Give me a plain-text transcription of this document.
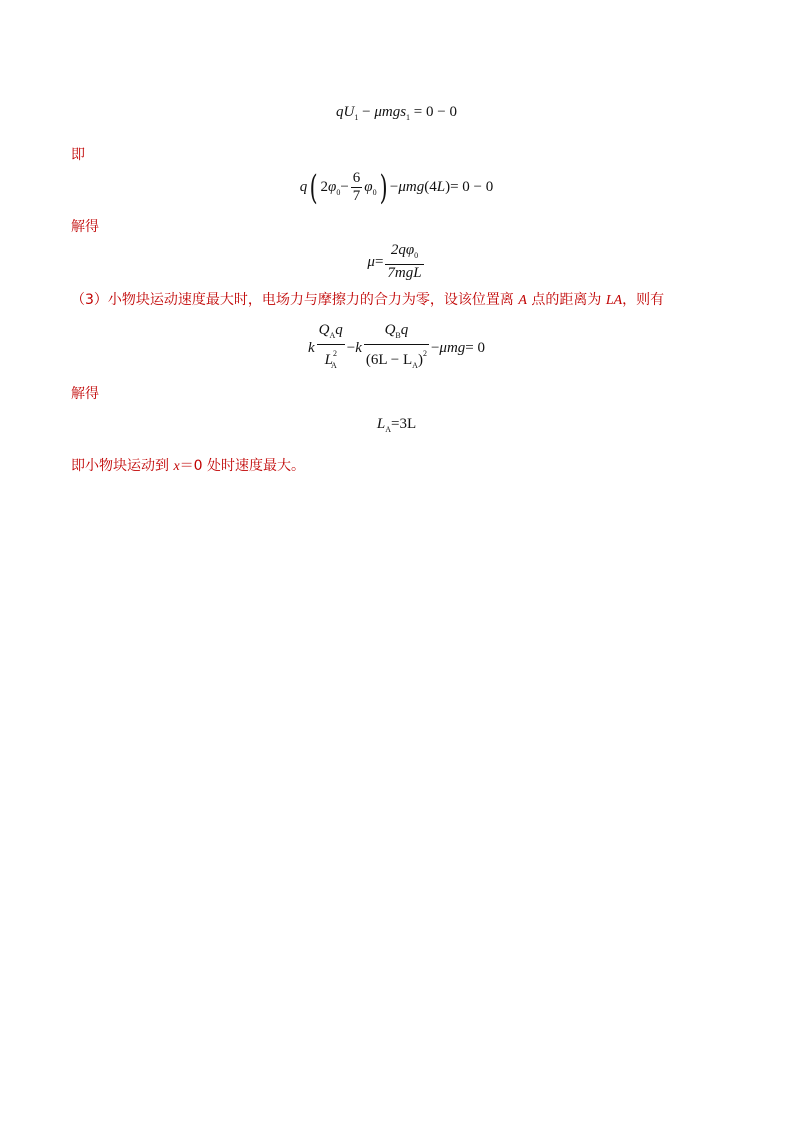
$qU_1 - \mu mgs_1 = 0 - 0$
即
q( $2\varphi_0- \frac{6}{7} \varphi_0)-\mu mg(4L)= 0 - 0$
解得
$\mu= \frac{2q\varphi_0}{\text{7mgL}}$
（3）小物块运动速度最大时，电场力与摩擦力的合力为零，设该位置离 A 点的距离为 LA，则有
k $\frac{Q_Aq}{L^2_A} -k \frac{Q_Bq}{(6L - L_A)^2} -\mu mg= 0$
解得
$L_A=3L$
即小物块运动到 x＝0 处时速度最大。
